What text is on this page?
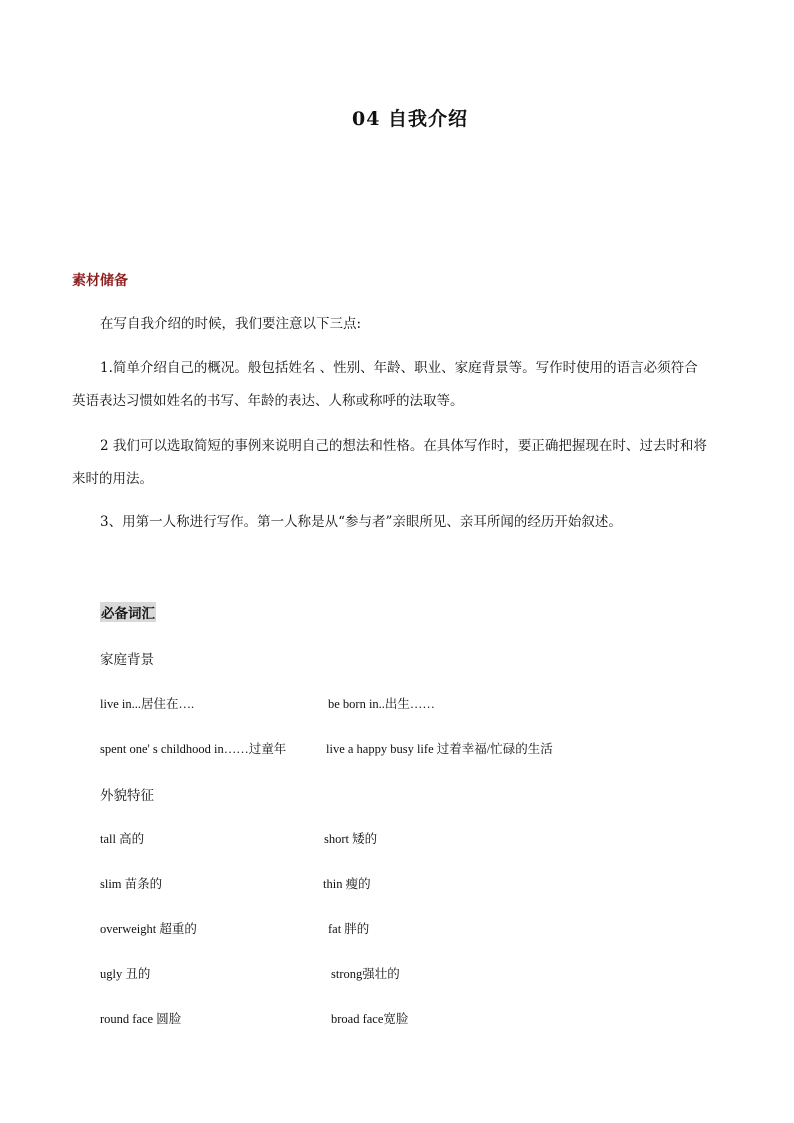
04 自我介绍
素材储备
在写自我介绍的时候，我们要注意以下三点:
1.简单介绍自己的概况。般包括姓名 、性别、年龄、职业、家庭背景等。写作时使用的语言必须符合
英语表达习惯如姓名的书写、年龄的表达、人称或称呼的法取等。
2 我们可以选取简短的事例来说明自己的想法和性格。在具体写作时，要正确把握现在时、过去时和将
来时的用法。
3、用第一人称进行写作。第一人称是从“参与者”亲眼所见、亲耳所闻的经历开始叙述。
必备词汇
家庭背景
live in...居住在….	be born in..出生……
spent one' s childhood in……过童年	live a happy busy life 过着幸福/忙碌的生活
外貌特征
tall 高的	short 矮的
slim 苗条的	thin 瘦的
overweight 超重的	fat 胖的
ugly 丑的	strong强壮的
round face 圆脸	broad face宽脸
